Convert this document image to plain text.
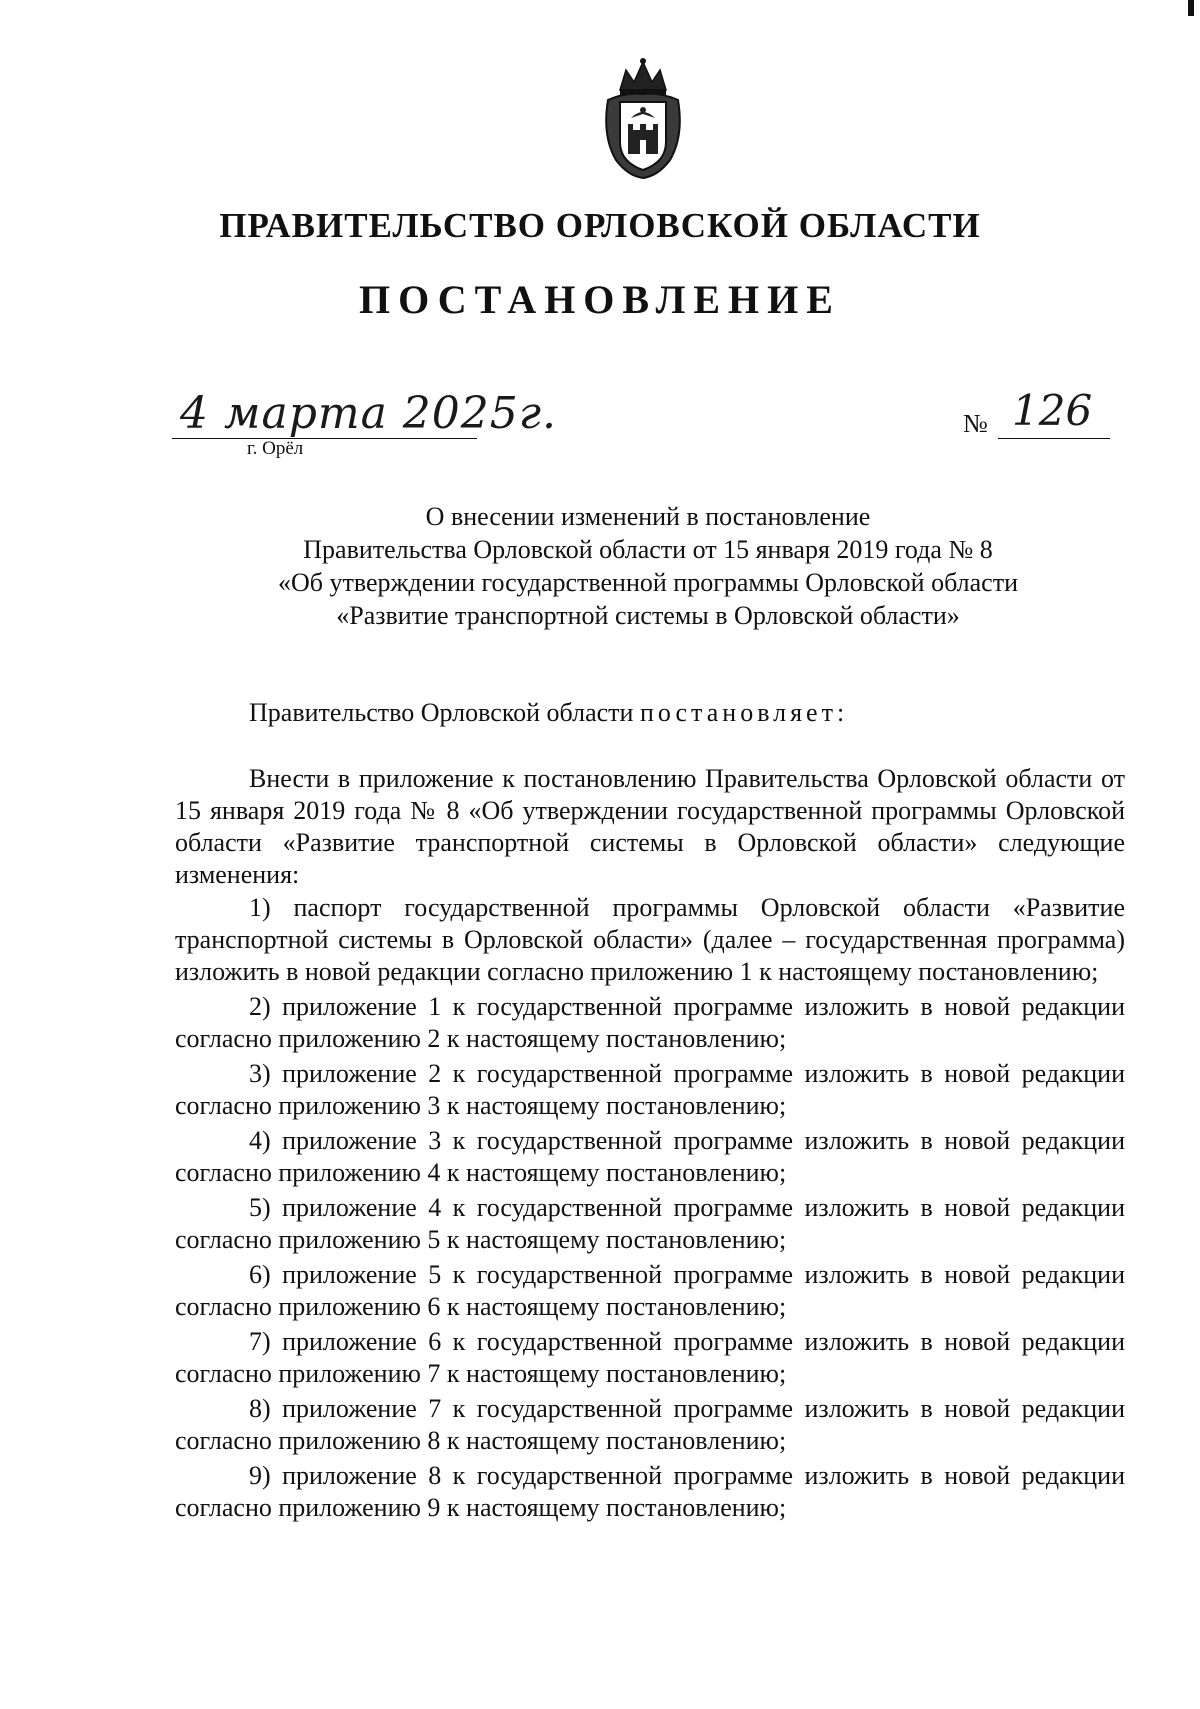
ПРАВИТЕЛЬСТВО ОРЛОВСКОЙ ОБЛАСТИ
ПОСТАНОВЛЕНИЕ
4 марта 2025г.
г. Орёл
№ 126

О внесении изменений в постановление
Правительства Орловской области от 15 января 2019 года № 8
«Об утверждении государственной программы Орловской области
«Развитие транспортной системы в Орловской области»

Правительство Орловской области постановляет:

Внести в приложение к постановлению Правительства Орловской области от 15 января 2019 года № 8 «Об утверждении государственной программы Орловской области «Развитие транспортной системы в Орловской области» следующие изменения:

1) паспорт государственной программы Орловской области «Развитие транспортной системы в Орловской области» (далее – государственная программа) изложить в новой редакции согласно приложению 1 к настоящему постановлению;

2) приложение 1 к государственной программе изложить в новой редакции согласно приложению 2 к настоящему постановлению;

3) приложение 2 к государственной программе изложить в новой редакции согласно приложению 3 к настоящему постановлению;

4) приложение 3 к государственной программе изложить в новой редакции согласно приложению 4 к настоящему постановлению;

5) приложение 4 к государственной программе изложить в новой редакции согласно приложению 5 к настоящему постановлению;

6) приложение 5 к государственной программе изложить в новой редакции согласно приложению 6 к настоящему постановлению;

7) приложение 6 к государственной программе изложить в новой редакции согласно приложению 7 к настоящему постановлению;

8) приложение 7 к государственной программе изложить в новой редакции согласно приложению 8 к настоящему постановлению;

9) приложение 8 к государственной программе изложить в новой редакции согласно приложению 9 к настоящему постановлению;
